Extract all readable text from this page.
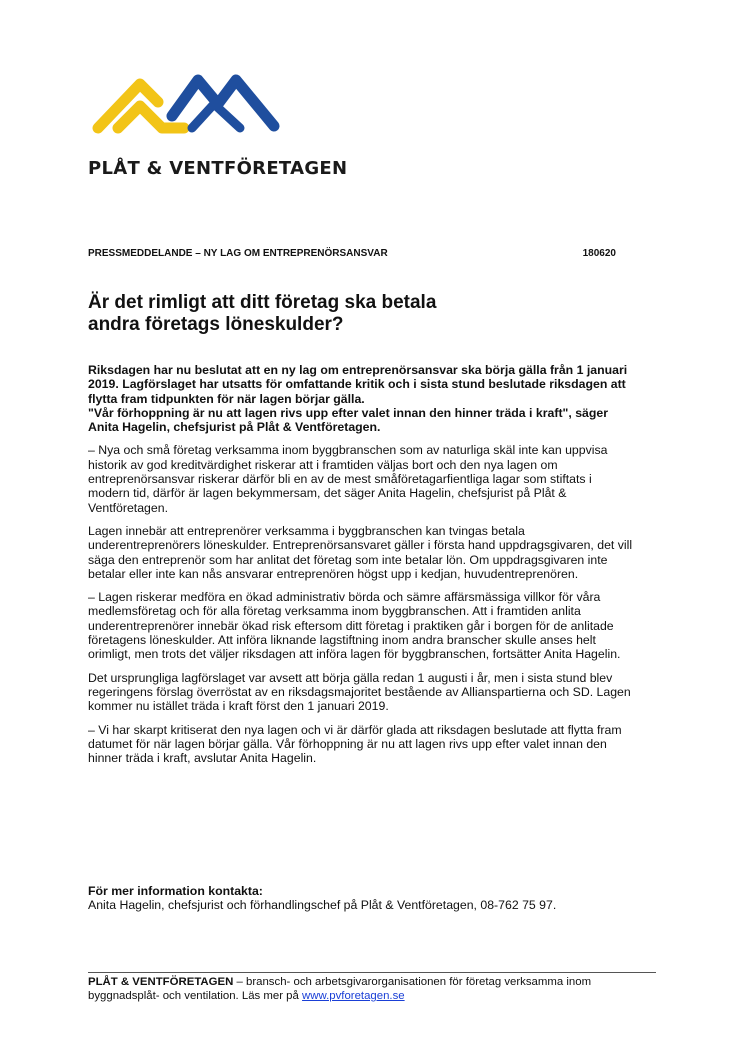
PLÅT & VENTFÖRETAGEN
PRESSMEDDELANDE – NY LAG OM ENTREPRENÖRSANSVAR	180620
Är det rimligt att ditt företag ska betala
andra företags löneskulder?

Riksdagen har nu beslutat att en ny lag om entreprenörsansvar ska börja gälla från 1 januari 2019. Lagförslaget har utsatts för omfattande kritik och i sista stund beslutade riksdagen att flytta fram tidpunkten för när lagen börjar gälla.
"Vår förhoppning är nu att lagen rivs upp efter valet innan den hinner träda i kraft", säger Anita Hagelin, chefsjurist på Plåt & Ventföretagen.

– Nya och små företag verksamma inom byggbranschen som av naturliga skäl inte kan uppvisa historik av god kreditvärdighet riskerar att i framtiden väljas bort och den nya lagen om entreprenörsansvar riskerar därför bli en av de mest småföretagarfientliga lagar som stiftats i modern tid, därför är lagen bekymmersam, det säger Anita Hagelin, chefsjurist på Plåt & Ventföretagen.

Lagen innebär att entreprenörer verksamma i byggbranschen kan tvingas betala underentreprenörers löneskulder. Entreprenörsansvaret gäller i första hand uppdragsgivaren, det vill säga den entreprenör som har anlitat det företag som inte betalar lön. Om uppdragsgivaren inte betalar eller inte kan nås ansvarar entreprenören högst upp i kedjan, huvudentreprenören.

– Lagen riskerar medföra en ökad administrativ börda och sämre affärsmässiga villkor för våra medlemsföretag och för alla företag verksamma inom byggbranschen. Att i framtiden anlita underentreprenörer innebär ökad risk eftersom ditt företag i praktiken går i borgen för de anlitade företagens löneskulder. Att införa liknande lagstiftning inom andra branscher skulle anses helt orimligt, men trots det väljer riksdagen att införa lagen för byggbranschen, fortsätter Anita Hagelin.

Det ursprungliga lagförslaget var avsett att börja gälla redan 1 augusti i år, men i sista stund blev regeringens förslag överröstat av en riksdagsmajoritet bestående av Allianspartierna och SD. Lagen kommer nu istället träda i kraft först den 1 januari 2019.

– Vi har skarpt kritiserat den nya lagen och vi är därför glada att riksdagen beslutade att flytta fram datumet för när lagen börjar gälla. Vår förhoppning är nu att lagen rivs upp efter valet innan den hinner träda i kraft, avslutar Anita Hagelin.

För mer information kontakta:
Anita Hagelin, chefsjurist och förhandlingschef på Plåt & Ventföretagen, 08-762 75 97.
PLÅT & VENTFÖRETAGEN – bransch- och arbetsgivarorganisationen för företag verksamma inom byggnadsplåt- och ventilation. Läs mer på www.pvforetagen.se
